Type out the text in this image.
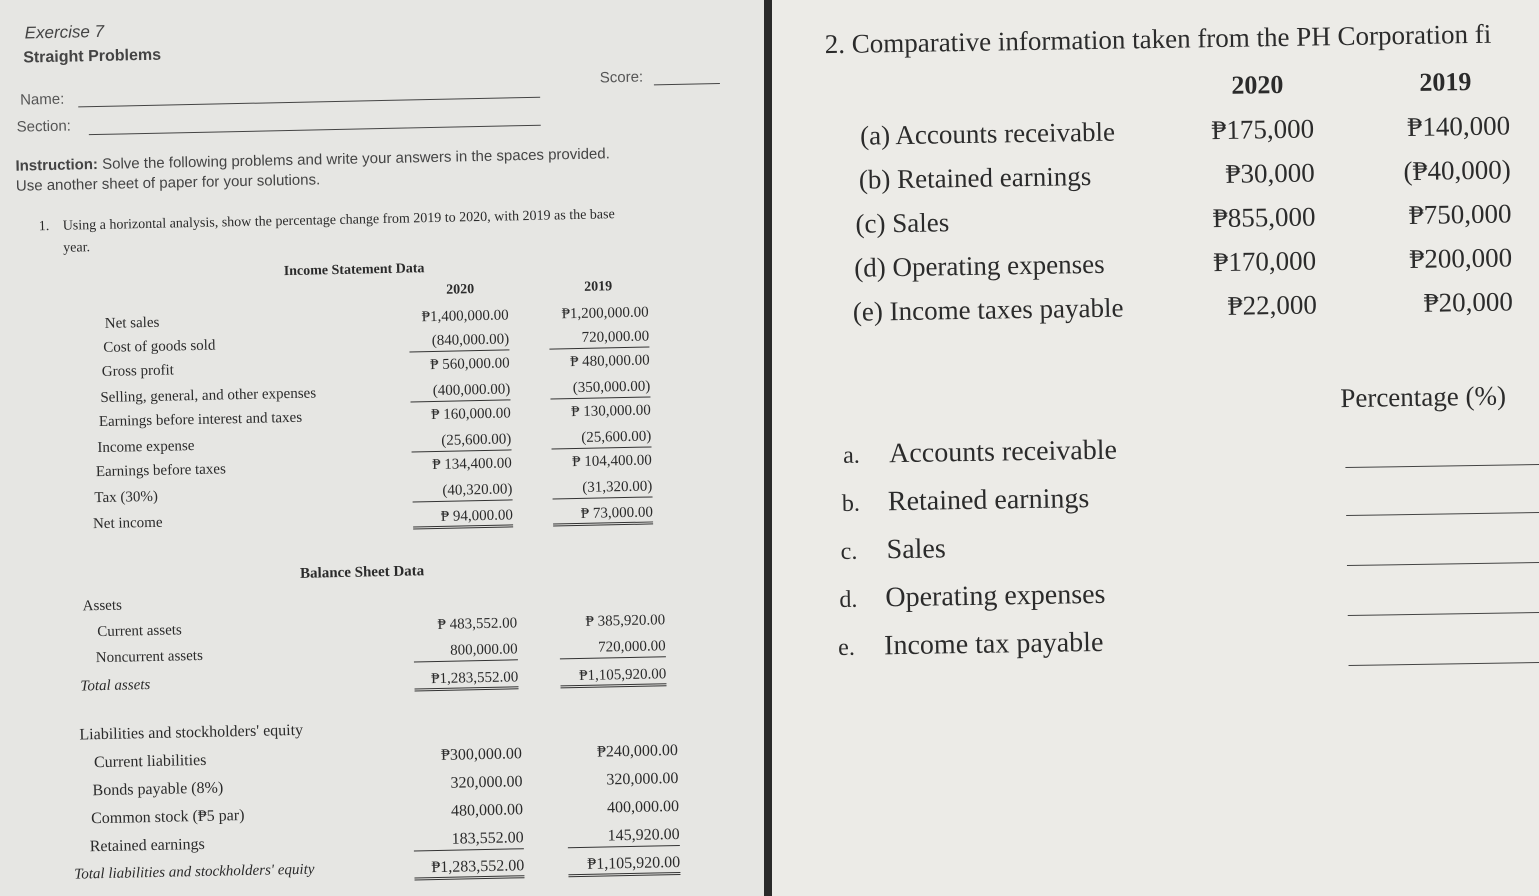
Exercise 7
Straight Problems
Name:
Score:
Section:
Instruction: Solve the following problems and write your answers in the spaces provided.
Use another sheet of paper for your solutions.
1. Using a horizontal analysis, show the percentage change from 2019 to 2020, with 2019 as the base
year.
Income Statement Data
2020	2019
Net sales	₱1,400,000.00	₱1,200,000.00
Cost of goods sold	(840,000.00)	720,000.00
Gross profit	₱ 560,000.00	₱ 480,000.00
Selling, general, and other expenses	(400,000.00)	(350,000.00)
Earnings before interest and taxes	₱ 160,000.00	₱ 130,000.00
Income expense	(25,600.00)	(25,600.00)
Earnings before taxes	₱ 134,400.00	₱ 104,400.00
Tax (30%)	(40,320.00)	(31,320.00)
Net income	₱ 94,000.00	₱ 73,000.00
Balance Sheet Data
Assets
Current assets	₱ 483,552.00	₱ 385,920.00
Noncurrent assets	800,000.00	720,000.00
Total assets	₱1,283,552.00	₱1,105,920.00
Liabilities and stockholders' equity
Current liabilities	₱300,000.00	₱240,000.00
Bonds payable (8%)	320,000.00	320,000.00
Common stock (₱5 par)	480,000.00	400,000.00
Retained earnings	183,552.00	145,920.00
Total liabilities and stockholders' equity	₱1,283,552.00	₱1,105,920.00
2. Comparative information taken from the PH Corporation fi
2020	2019
(a) Accounts receivable	₱175,000	₱140,000
(b) Retained earnings	₱30,000	(₱40,000)
(c) Sales	₱855,000	₱750,000
(d) Operating expenses	₱170,000	₱200,000
(e) Income taxes payable	₱22,000	₱20,000
Percentage (%)
a. Accounts receivable
b. Retained earnings
c. Sales
d. Operating expenses
e. Income tax payable
